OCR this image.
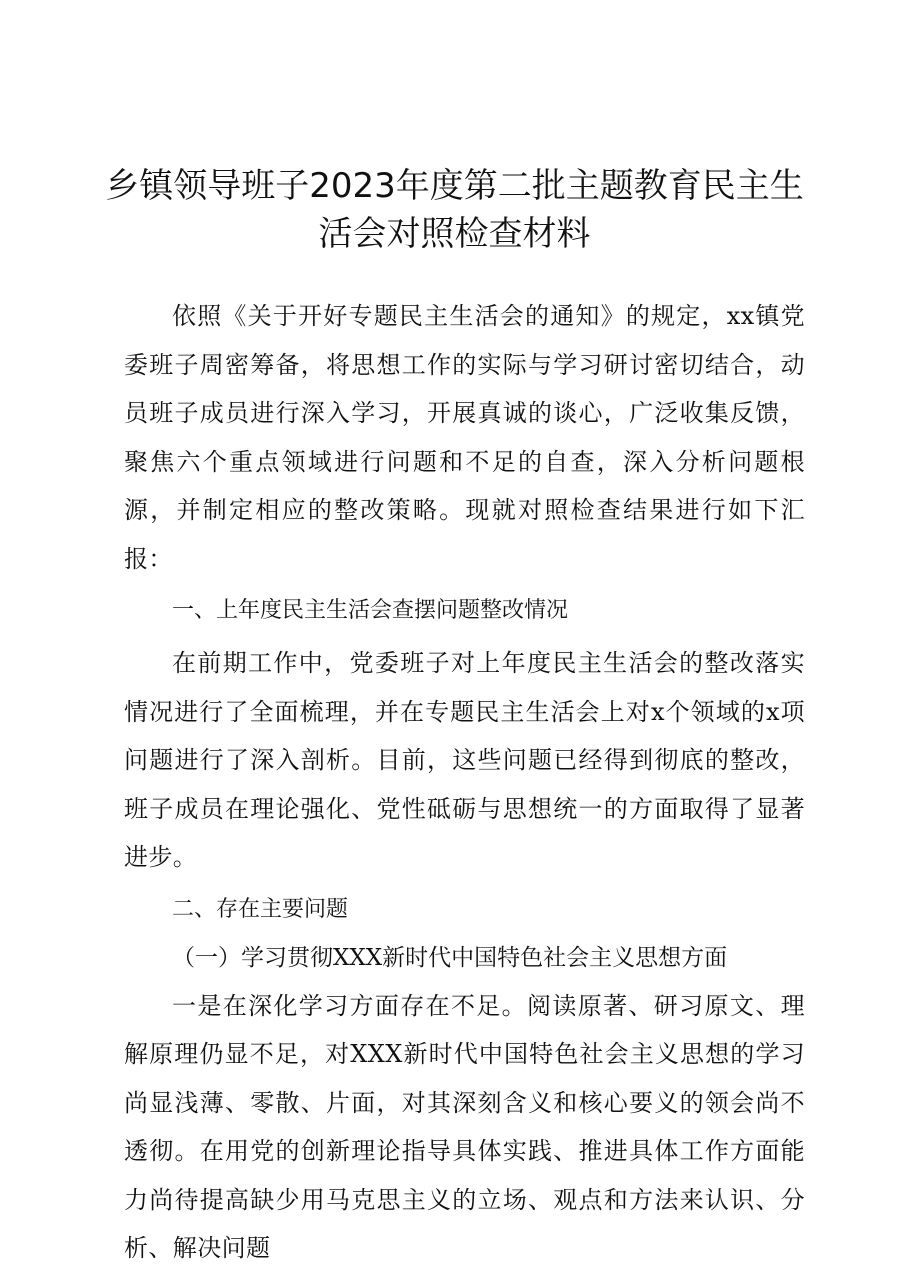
乡镇领导班子2023年度第二批主题教育民主生
活会对照检查材料

依照《关于开好专题民主生活会的通知》的规定，xx镇党委班子周密筹备，将思想工作的实际与学习研讨密切结合，动员班子成员进行深入学习，开展真诚的谈心，广泛收集反馈，聚焦六个重点领域进行问题和不足的自查，深入分析问题根源，并制定相应的整改策略。现就对照检查结果进行如下汇报：

一、上年度民主生活会查摆问题整改情况

在前期工作中，党委班子对上年度民主生活会的整改落实情况进行了全面梳理，并在专题民主生活会上对x个领域的x项问题进行了深入剖析。目前，这些问题已经得到彻底的整改，班子成员在理论强化、党性砥砺与思想统一的方面取得了显著进步。

二、存在主要问题

（一）学习贯彻XXX新时代中国特色社会主义思想方面

一是在深化学习方面存在不足。阅读原著、研习原文、理解原理仍显不足，对XXX新时代中国特色社会主义思想的学习尚显浅薄、零散、片面，对其深刻含义和核心要义的领会尚不透彻。在用党的创新理论指导具体实践、推进具体工作方面能力尚待提高缺少用马克思主义的立场、观点和方法来认识、分析、解决问题
